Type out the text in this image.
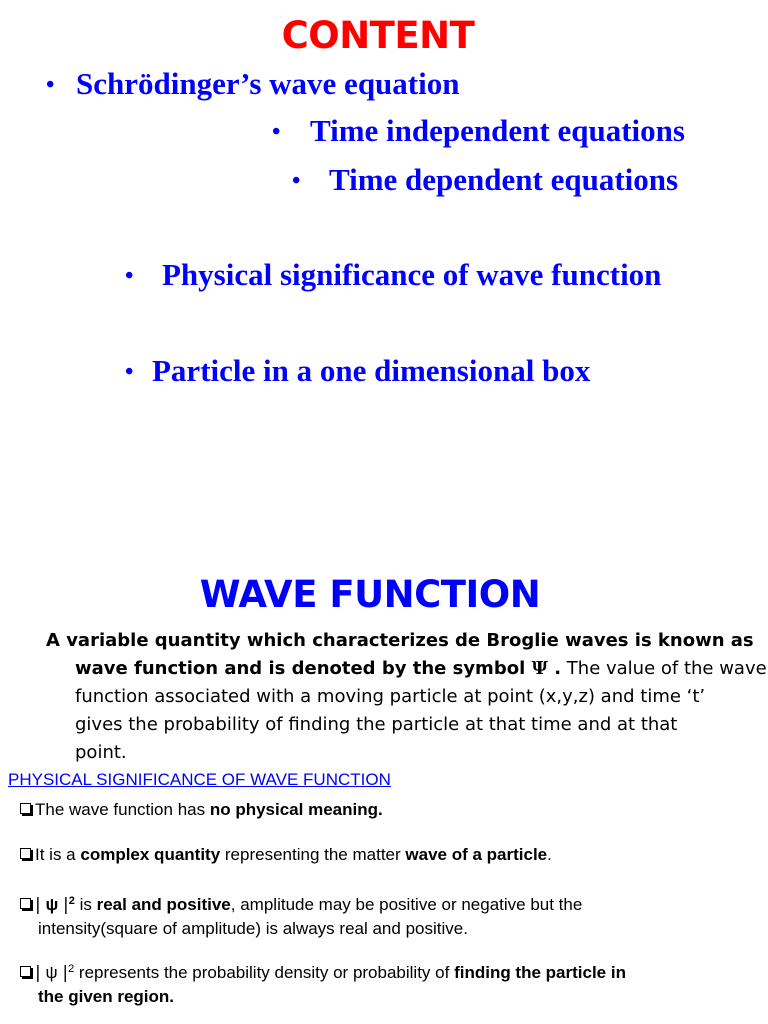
CONTENT
• Schrödinger’s wave equation
• Time independent equations
• Time dependent equations
• Physical significance of wave function
• Particle in a one dimensional box
WAVE FUNCTION
A variable quantity which characterizes de Broglie waves is known as
wave function and is denoted by the symbol Ψ . The value of the wave
function associated with a moving particle at point (x,y,z) and time ‘t’
gives the probability of finding the particle at that time and at that
point.
PHYSICAL SIGNIFICANCE OF WAVE FUNCTION
The wave function has no physical meaning.
It is a complex quantity representing the matter wave of a particle.
| ψ $|^2$ is real and positive, amplitude may be positive or negative but the
intensity(square of amplitude) is always real and positive.
| ψ $|^2$ represents the probability density or probability of finding the particle in
the given region.
